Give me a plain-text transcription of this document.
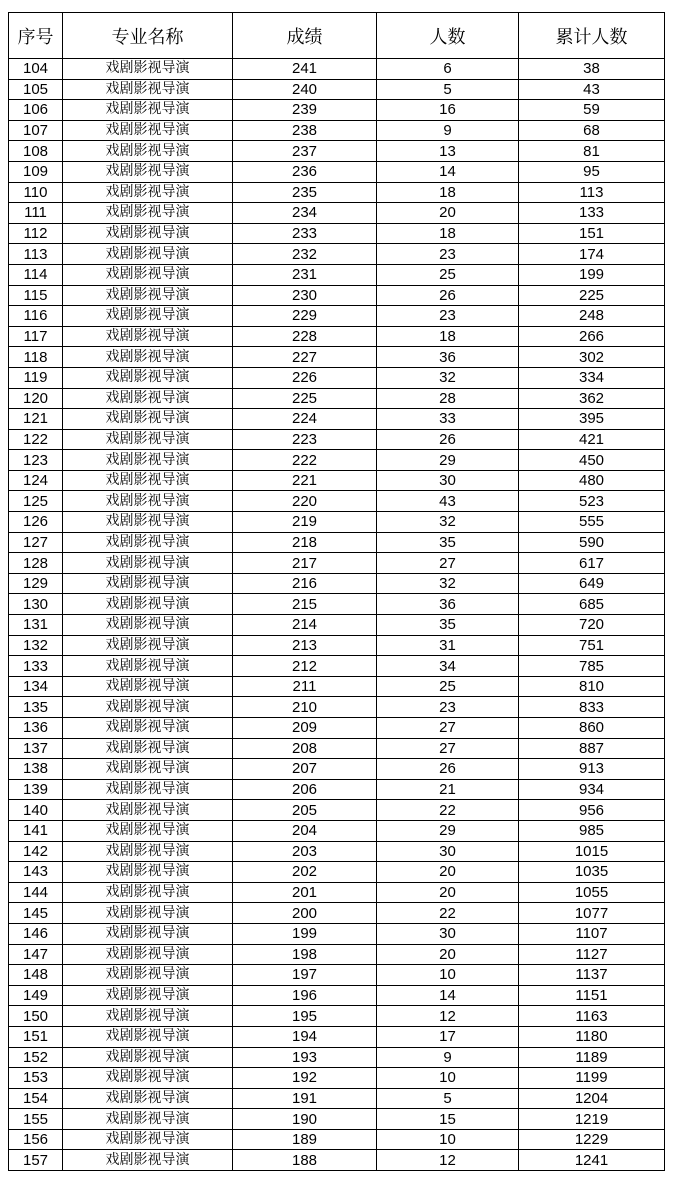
序号	专业名称	成绩	人数	累计人数
104	戏剧影视导演	241	6	38
105	戏剧影视导演	240	5	43
106	戏剧影视导演	239	16	59
107	戏剧影视导演	238	9	68
108	戏剧影视导演	237	13	81
109	戏剧影视导演	236	14	95
110	戏剧影视导演	235	18	113
111	戏剧影视导演	234	20	133
112	戏剧影视导演	233	18	151
113	戏剧影视导演	232	23	174
114	戏剧影视导演	231	25	199
115	戏剧影视导演	230	26	225
116	戏剧影视导演	229	23	248
117	戏剧影视导演	228	18	266
118	戏剧影视导演	227	36	302
119	戏剧影视导演	226	32	334
120	戏剧影视导演	225	28	362
121	戏剧影视导演	224	33	395
122	戏剧影视导演	223	26	421
123	戏剧影视导演	222	29	450
124	戏剧影视导演	221	30	480
125	戏剧影视导演	220	43	523
126	戏剧影视导演	219	32	555
127	戏剧影视导演	218	35	590
128	戏剧影视导演	217	27	617
129	戏剧影视导演	216	32	649
130	戏剧影视导演	215	36	685
131	戏剧影视导演	214	35	720
132	戏剧影视导演	213	31	751
133	戏剧影视导演	212	34	785
134	戏剧影视导演	211	25	810
135	戏剧影视导演	210	23	833
136	戏剧影视导演	209	27	860
137	戏剧影视导演	208	27	887
138	戏剧影视导演	207	26	913
139	戏剧影视导演	206	21	934
140	戏剧影视导演	205	22	956
141	戏剧影视导演	204	29	985
142	戏剧影视导演	203	30	1015
143	戏剧影视导演	202	20	1035
144	戏剧影视导演	201	20	1055
145	戏剧影视导演	200	22	1077
146	戏剧影视导演	199	30	1107
147	戏剧影视导演	198	20	1127
148	戏剧影视导演	197	10	1137
149	戏剧影视导演	196	14	1151
150	戏剧影视导演	195	12	1163
151	戏剧影视导演	194	17	1180
152	戏剧影视导演	193	9	1189
153	戏剧影视导演	192	10	1199
154	戏剧影视导演	191	5	1204
155	戏剧影视导演	190	15	1219
156	戏剧影视导演	189	10	1229
157	戏剧影视导演	188	12	1241
